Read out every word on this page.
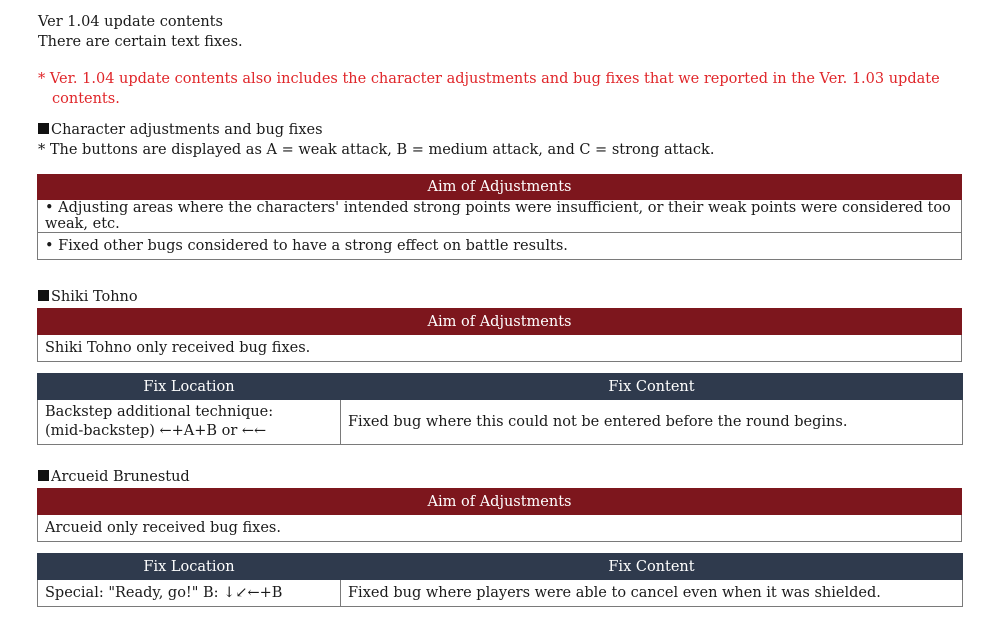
Ver 1.04 update contents
There are certain text fixes.
* Ver. 1.04 update contents also includes the character adjustments and bug fixes that we reported in the Ver. 1.03 update
contents.
Character adjustments and bug fixes
* The buttons are displayed as A = weak attack, B = medium attack, and C = strong attack.
Aim of Adjustments
• Adjusting areas where the characters' intended strong points were insufficient, or their weak points were considered too weak, etc.
• Fixed other bugs considered to have a strong effect on battle results.
Shiki Tohno
Aim of Adjustments
Shiki Tohno only received bug fixes.
Fix Location	Fix Content

Backstep additional technique:
(mid-backstep) ←+A+B or ←←	Fixed bug where this could not be entered before the round begins.
Arcueid Brunestud
Aim of Adjustments
Arcueid only received bug fixes.
Fix Location	Fix Content
Special: "Ready, go!" B: ↓↙←+B	Fixed bug where players were able to cancel even when it was shielded.
